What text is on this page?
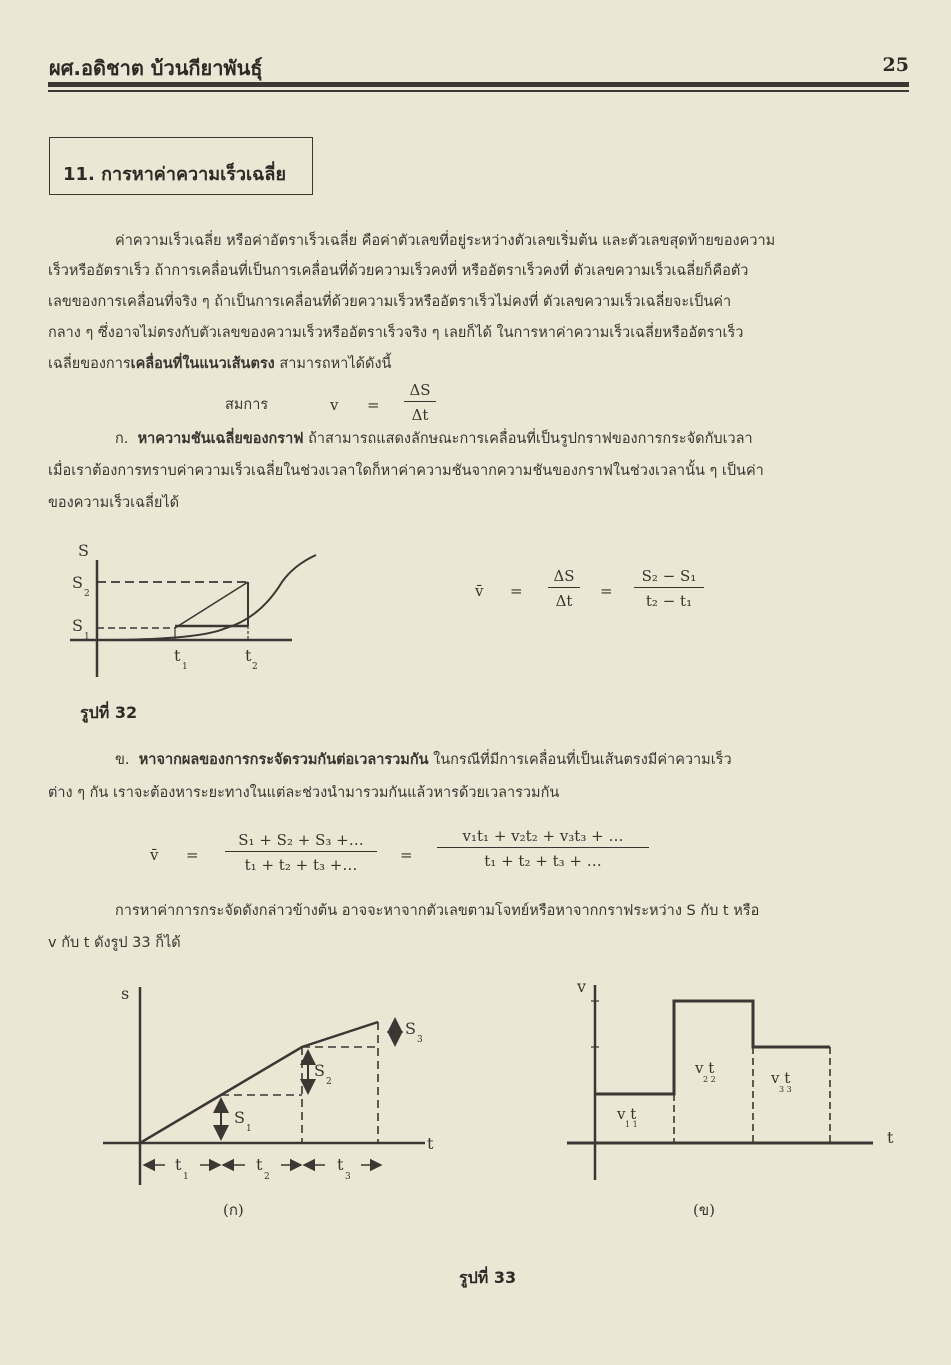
ผศ.อดิชาต บ้วนกียาพันธุ์	25
11. การหาค่าความเร็วเฉลี่ย
ค่าความเร็วเฉลี่ย หรือค่าอัตราเร็วเฉลี่ย คือค่าตัวเลขที่อยู่ระหว่างตัวเลขเริ่มต้น และตัวเลขสุดท้ายของความ
เร็วหรืออัตราเร็ว ถ้าการเคลื่อนที่เป็นการเคลื่อนที่ด้วยความเร็วคงที่ หรืออัตราเร็วคงที่ ตัวเลขความเร็วเฉลี่ยก็คือตัว
เลขของการเคลื่อนที่จริง ๆ ถ้าเป็นการเคลื่อนที่ด้วยความเร็วหรืออัตราเร็วไม่คงที่ ตัวเลขความเร็วเฉลี่ยจะเป็นค่า
กลาง ๆ ซึ่งอาจไม่ตรงกับตัวเลขของความเร็วหรืออัตราเร็วจริง ๆ เลยก็ได้ ในการหาค่าความเร็วเฉลี่ยหรืออัตราเร็ว
เฉลี่ยของการเคลื่อนที่ในแนวเส้นตรง สามารถหาได้ดังนี้
สมการ	$v = \frac{\Delta S}{\Delta t}$
ก. หาความชันเฉลี่ยของกราฟ ถ้าสามารถแสดงลักษณะการเคลื่อนที่เป็นรูปกราฟของการกระจัดกับเวลา
เมื่อเราต้องการทราบค่าความเร็วเฉลี่ยในช่วงเวลาใดก็หาค่าความชันจากความชันของกราฟในช่วงเวลานั้น ๆ เป็นค่า
ของความเร็วเฉลี่ยได้
S
S
2
S
1
t
1
t
2
รูปที่ 32
v̄ = $\frac{\Delta S}{\Delta t} = \frac{\text{S₂ − S₁}}{\text{t₂ − t₁}}$
ข. หาจากผลของการกระจัดรวมกันต่อเวลารวมกัน ในกรณีที่มีการเคลื่อนที่เป็นเส้นตรงมีค่าความเร็ว
ต่าง ๆ กัน เราจะต้องหาระยะทางในแต่ละช่วงนำมารวมกันแล้วหารด้วยเวลารวมกัน
v̄ = $\frac{\text{S₁ + S₂ + S₃ +…}}{\text{t₁ + t₂ + t₃ +…}} = \frac{\text{v₁t₁ + v₂t₂ + v₃t₃ + …}}{\text{t₁ + t₂ + t₃ + …}}$
การหาค่าการกระจัดดังกล่าวข้างต้น อาจจะหาจากตัวเลขตามโจทย์หรือหาจากกราฟระหว่าง S กับ t หรือ
v กับ t ดังรูป 33 ก็ได้
s
t
S
1
S
2
S
3
t
1
t
2
t
3
(ก)
v
t
v t
1 1
v t
2 2	v t
3 3
(ข)
รูปที่ 33
